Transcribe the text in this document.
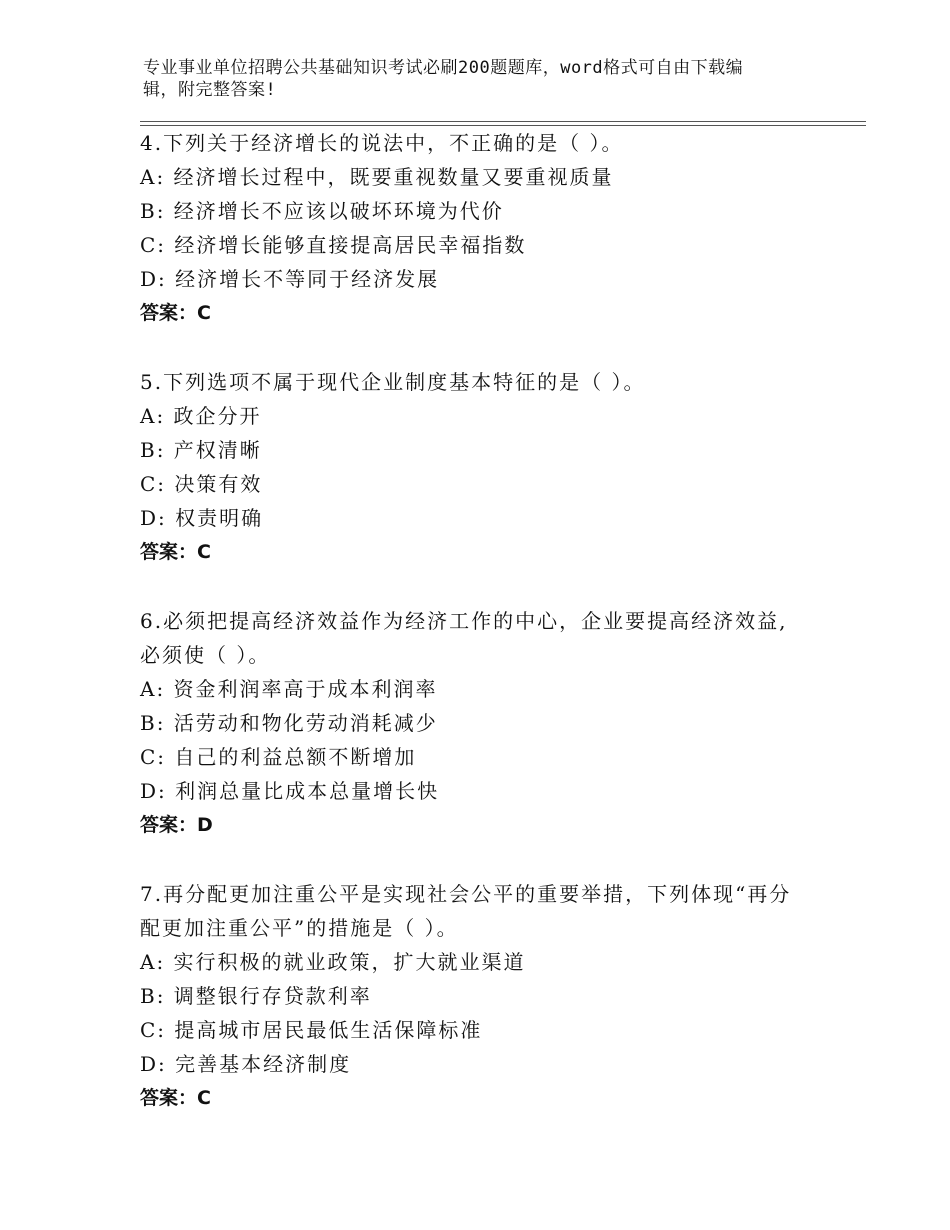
专业事业单位招聘公共基础知识考试必刷200题题库，word格式可自由下载编
辑，附完整答案!
4.下列关于经济增长的说法中，不正确的是（ ）。
A: 经济增长过程中，既要重视数量又要重视质量
B: 经济增长不应该以破坏环境为代价
C: 经济增长能够直接提高居民幸福指数
D: 经济增长不等同于经济发展
答案：C
5.下列选项不属于现代企业制度基本特征的是（ ）。
A: 政企分开
B: 产权清晰
C: 决策有效
D: 权责明确
答案：C
6.必须把提高经济效益作为经济工作的中心，企业要提高经济效益,
必须使（ ）。
A: 资金利润率高于成本利润率
B: 活劳动和物化劳动消耗减少
C: 自己的利益总额不断增加
D: 利润总量比成本总量增长快
答案：D
7.再分配更加注重公平是实现社会公平的重要举措，下列体现“再分
配更加注重公平”的措施是（ ）。
A: 实行积极的就业政策，扩大就业渠道
B: 调整银行存贷款利率
C: 提高城市居民最低生活保障标准
D: 完善基本经济制度
答案：C
